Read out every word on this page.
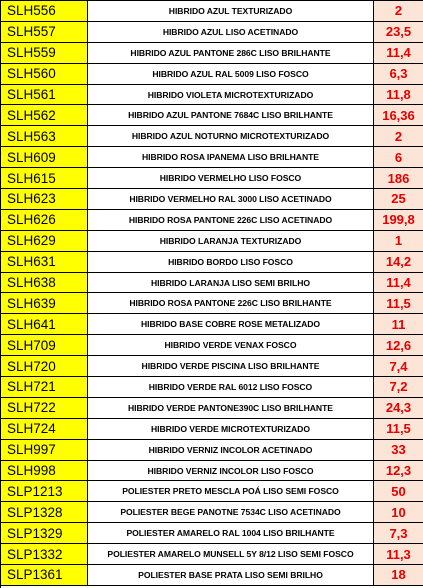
SLH556	HIBRIDO AZUL TEXTURIZADO	2
SLH557	HIBRIDO AZUL LISO ACETINADO	23,5
SLH559	HIBRIDO AZUL PANTONE 286C LISO BRILHANTE	11,4
SLH560	HIBRIDO AZUL RAL 5009 LISO FOSCO	6,3
SLH561	HIBRIDO VIOLETA MICROTEXTURIZADO	11,8
SLH562	HIBRIDO AZUL PANTONE 7684C LISO BRILHANTE	16,36
SLH563	HIBRIDO AZUL NOTURNO MICROTEXTURIZADO	2
SLH609	HIBRIDO ROSA IPANEMA LISO BRILHANTE	6
SLH615	HIBRIDO VERMELHO LISO FOSCO	186
SLH623	HIBRIDO VERMELHO RAL 3000 LISO ACETINADO	25
SLH626	HIBRIDO ROSA PANTONE 226C LISO ACETINADO	199,8
SLH629	HIBRIDO LARANJA TEXTURIZADO	1
SLH631	HIBRIDO BORDO LISO FOSCO	14,2
SLH638	HIBRIDO LARANJA LISO SEMI BRILHO	11,4
SLH639	HIBRIDO ROSA PANTONE 226C LISO BRILHANTE	11,5
SLH641	HIBRIDO BASE COBRE ROSE METALIZADO	11
SLH709	HIBRIDO VERDE VENAX FOSCO	12,6
SLH720	HIBRIDO VERDE PISCINA LISO BRILHANTE	7,4
SLH721	HIBRIDO VERDE RAL 6012 LISO FOSCO	7,2
SLH722	HIBRIDO VERDE PANTONE390C LISO BRILHANTE	24,3
SLH724	HIBRIDO VERDE MICROTEXTURIZADO	11,5
SLH997	HIBRIDO VERNIZ INCOLOR ACETINADO	33
SLH998	HIBRIDO VERNIZ INCOLOR LISO FOSCO	12,3
SLP1213	POLIESTER PRETO MESCLA POÁ LISO SEMI FOSCO	50
SLP1328	POLIESTER BEGE PANOTNE 7534C LISO ACETINADO	10
SLP1329	POLIESTER AMARELO RAL 1004 LISO BRILHANTE	7,3
SLP1332	POLIESTER AMARELO MUNSELL 5Y 8/12 LISO SEMI FOSCO	11,3
SLP1361	POLIESTER BASE PRATA LISO SEMI BRILHO	18
